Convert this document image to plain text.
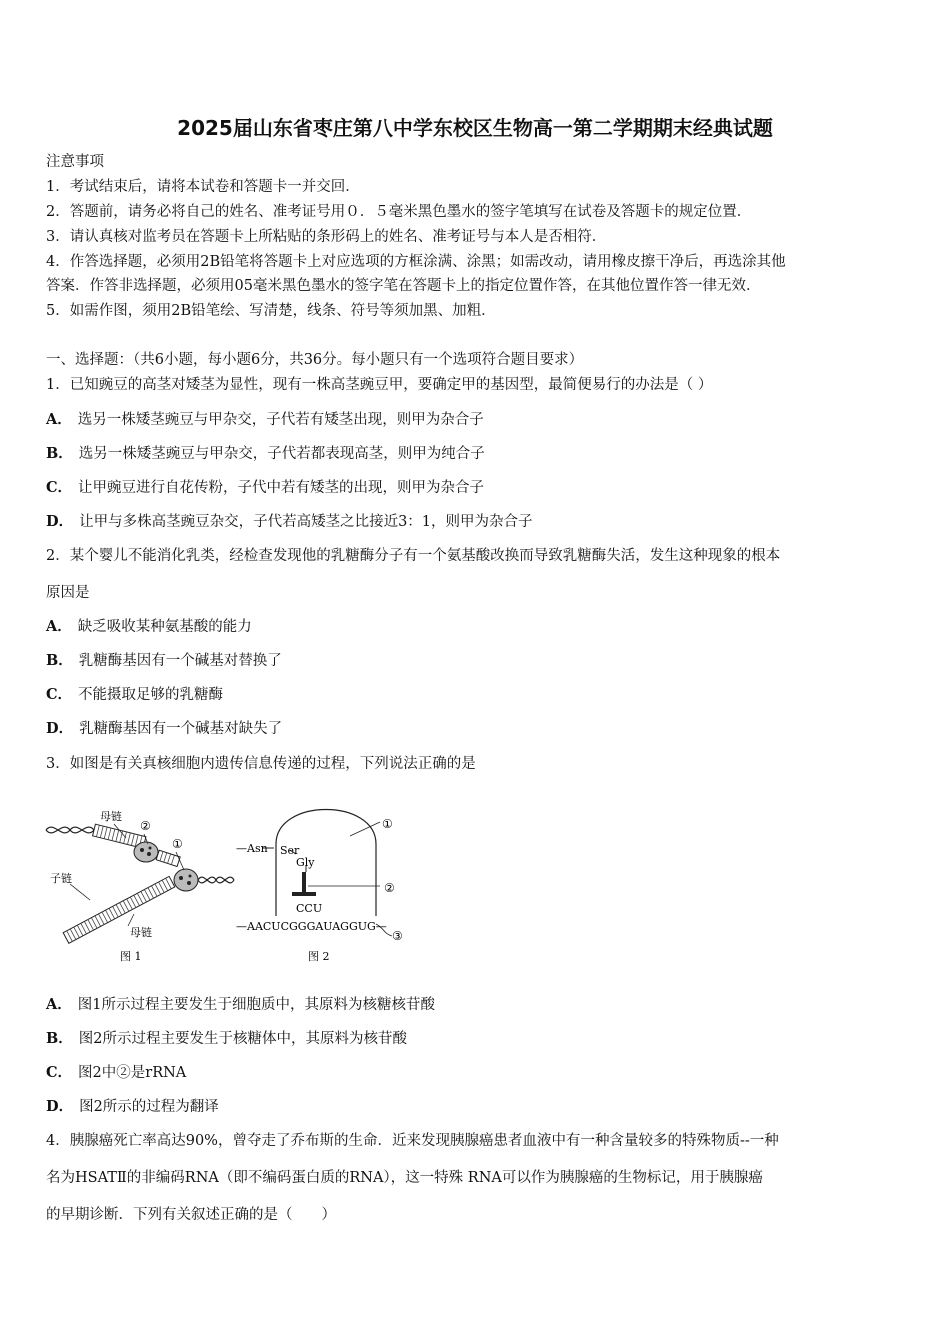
2025届山东省枣庄第八中学东校区生物高一第二学期期末经典试题
注意事项
1．考试结束后，请将本试卷和答题卡一并交回．
2．答题前，请务必将自己的姓名、准考证号用０．５毫米黑色墨水的签字笔填写在试卷及答题卡的规定位置．
3．请认真核对监考员在答题卡上所粘贴的条形码上的姓名、准考证号与本人是否相符．
4．作答选择题，必须用2B铅笔将答题卡上对应选项的方框涂满、涂黑；如需改动，请用橡皮擦干净后，再选涂其他
答案．作答非选择题，必须用05毫米黑色墨水的签字笔在答题卡上的指定位置作答，在其他位置作答一律无效．
5．如需作图，须用2B铅笔绘、写清楚，线条、符号等须加黑、加粗．
一、选择题：（共6小题，每小题6分，共36分。每小题只有一个选项符合题目要求）
1．已知豌豆的高茎对矮茎为显性，现有一株高茎豌豆甲，要确定甲的基因型，最简便易行的办法是（ ）
A． 选另一株矮茎豌豆与甲杂交，子代若有矮茎出现，则甲为杂合子
B． 选另一株矮茎豌豆与甲杂交，子代若都表现高茎，则甲为纯合子
C． 让甲豌豆进行自花传粉，子代中若有矮茎的出现，则甲为杂合子
D． 让甲与多株高茎豌豆杂交，子代若高矮茎之比接近3：1，则甲为杂合子
2．某个婴儿不能消化乳类，经检查发现他的乳糖酶分子有一个氨基酸改换而导致乳糖酶失活，发生这种现象的根本
原因是
A． 缺乏吸收某种氨基酸的能力
B． 乳糖酶基因有一个碱基对替换了
C． 不能摄取足够的乳糖酶
D． 乳糖酶基因有一个碱基对缺失了
3．如图是有关真核细胞内遗传信息传递的过程，下列说法正确的是
母链
②
①
子链
母链
图 1
—Asn Ser
Gly
CCU
—AACUCGGGAUAGGUG—
①
②
③
图 2
A． 图1所示过程主要发生于细胞质中，其原料为核糖核苷酸
B． 图2所示过程主要发生于核糖体中，其原料为核苷酸
C． 图2中②是rRNA
D． 图2所示的过程为翻译
4．胰腺癌死亡率高达90%，曾夺走了乔布斯的生命．近来发现胰腺癌患者血液中有一种含量较多的特殊物质--一种
名为HSATⅡ的非编码RNA（即不编码蛋白质的RNA），这一特殊 RNA可以作为胰腺癌的生物标记，用于胰腺癌
的早期诊断．下列有关叙述正确的是（　　）
